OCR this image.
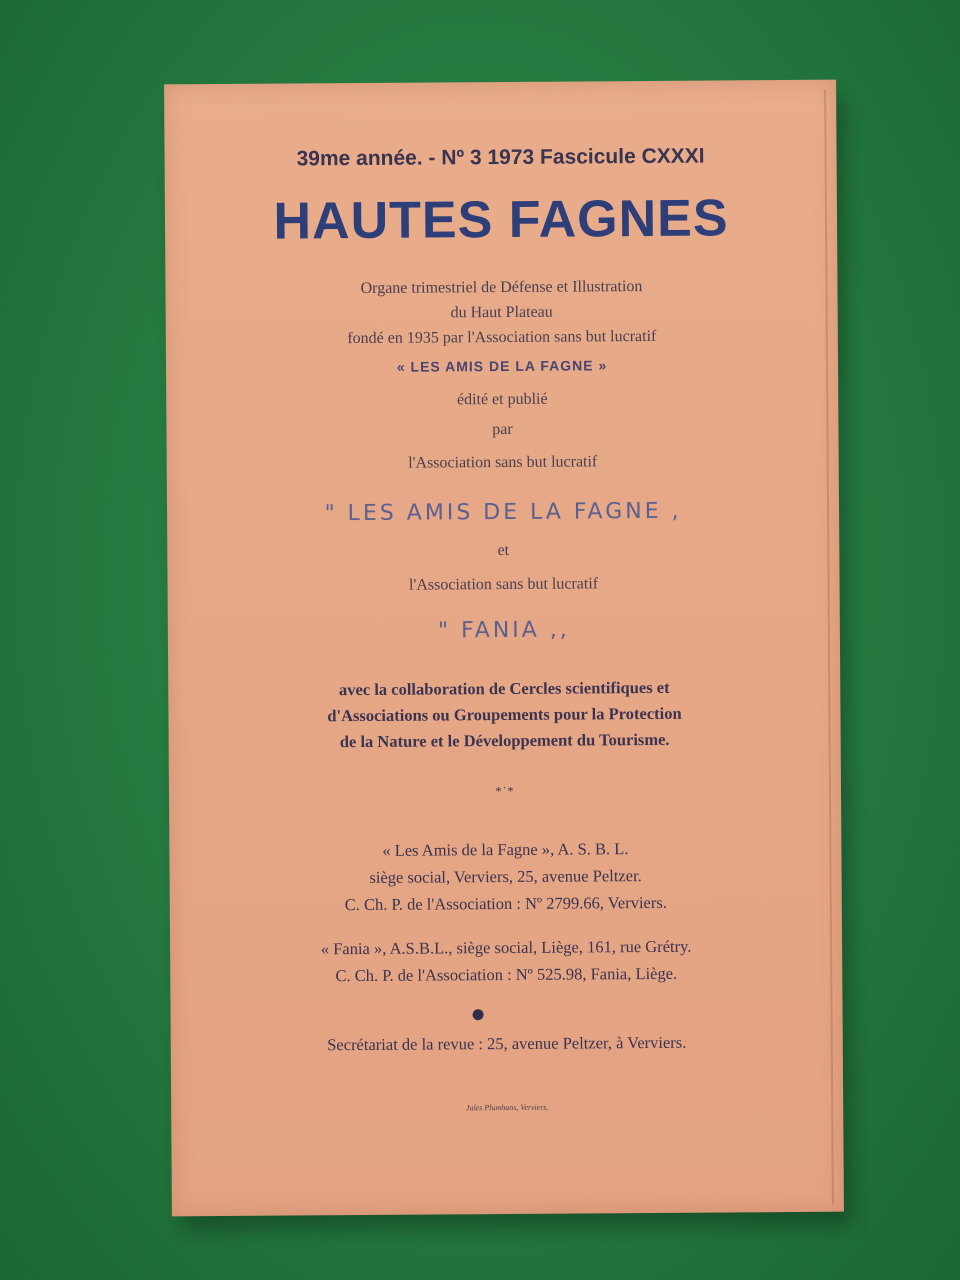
39me année. - Nº 3 1973 Fascicule CXXXI
HAUTES FAGNES
Organe trimestriel de Défense et Illustration
du Haut Plateau
fondé en 1935 par l'Association sans but lucratif
« LES AMIS DE LA FAGNE »
édité et publié
par
l'Association sans but lucratif
" LES AMIS DE LA FAGNE ,
et
l'Association sans but lucratif
" FANIA ,,
avec la collaboration de Cercles scientifiques et
d'Associations ou Groupements pour la Protection
de la Nature et le Développement du Tourisme.
*˙*
« Les Amis de la Fagne », A. S. B. L.
siège social, Verviers, 25, avenue Peltzer.
C. Ch. P. de l'Association : Nº 2799.66, Verviers.
« Fania », A.S.B.L., siège social, Liège, 161, rue Grétry.
C. Ch. P. de l'Association : Nº 525.98, Fania, Liège.
Secrétariat de la revue : 25, avenue Peltzer, à Verviers.
Jules Plumhans, Verviers.
